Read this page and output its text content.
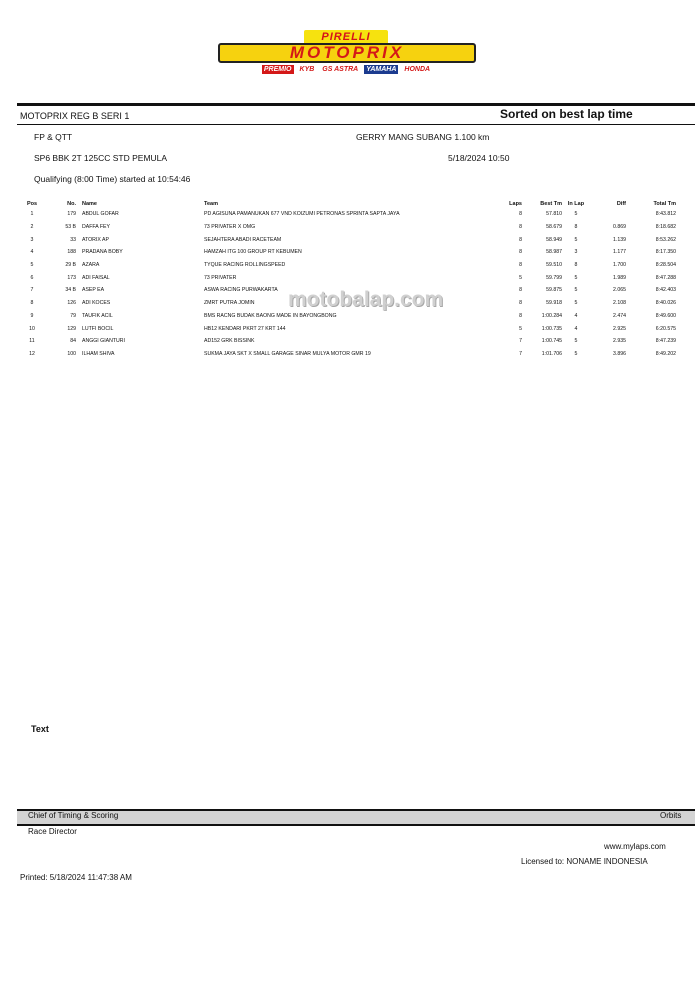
PIRELLI
MOTOPRIX
PREMIO KYB GS ASTRA YAMAHA HONDA
MOTOPRIX REG B SERI 1	Sorted on best lap time
FP & QTT	GERRY MANG SUBANG 1.100 km
SP6 BBK 2T 125CC STD PEMULA	5/18/2024 10:50
Qualifying (8:00 Time) started at 10:54:46
Pos	No.	Name	Team	Laps	Best Tm	In Lap	Diff	Total Tm
1	179	ABDUL GOFAR	PD AGISUNA PAMANUKAN 677 VND KOIZUMI PETRONAS SPRINTA SAPTA JAYA	8	57.810	5		8:43.812
2	53 B	DAFFA FEY	73 PRIVATER X OMG	8	58.679	8	0.869	8:18.682
3	33	ATORIX AP	SEJAHTERA ABADI RACETEAM	8	58.949	5	1.139	8:53.262
4	188	PRADANA BOBY	HAMZAH ITG 100 GROUP RT KEBUMEN	8	58.987	3	1.177	8:17.350
5	29 B	AZARA	TYQUE RACING ROLLINGSPEED	8	59.510	8	1.700	8:28.504
6	173	ADI FAISAL	73 PRIVATER	5	59.799	5	1.989	8:47.288
7	34 B	ASEP EA	ASWA RACING PURWAKARTA	8	59.875	5	2.065	8:42.403
8	126	ADI KOCES	ZMRT PUTRA JOMIN	8	59.918	5	2.108	8:40.026
9	79	TAUFIK ACIL	BMS RACNG BUDAK BAONG MADE IN BAYONGBONG	8	1:00.284	4	2.474	8:49.600
10	129	LUTFI BOCIL	HB12 KENDARI PKRT 27 KRT 144	5	1:00.735	4	2.925	6:20.575
11	84	ANGGI GIANTURI	AD152 GRK BISSINK	7	1:00.745	5	2.935	8:47.239
12	100	ILHAM SHIVA	SUKMA JAYA SKT X SMALL GARAGE SINAR MULYA MOTOR GMR 19	7	1:01.706	5	3.896	8:49.202
motobalap.com
Text
Chief of Timing & Scoring	Orbits
Race Director
www.mylaps.com
Licensed to: NONAME INDONESIA
Printed: 5/18/2024 11:47:38 AM
